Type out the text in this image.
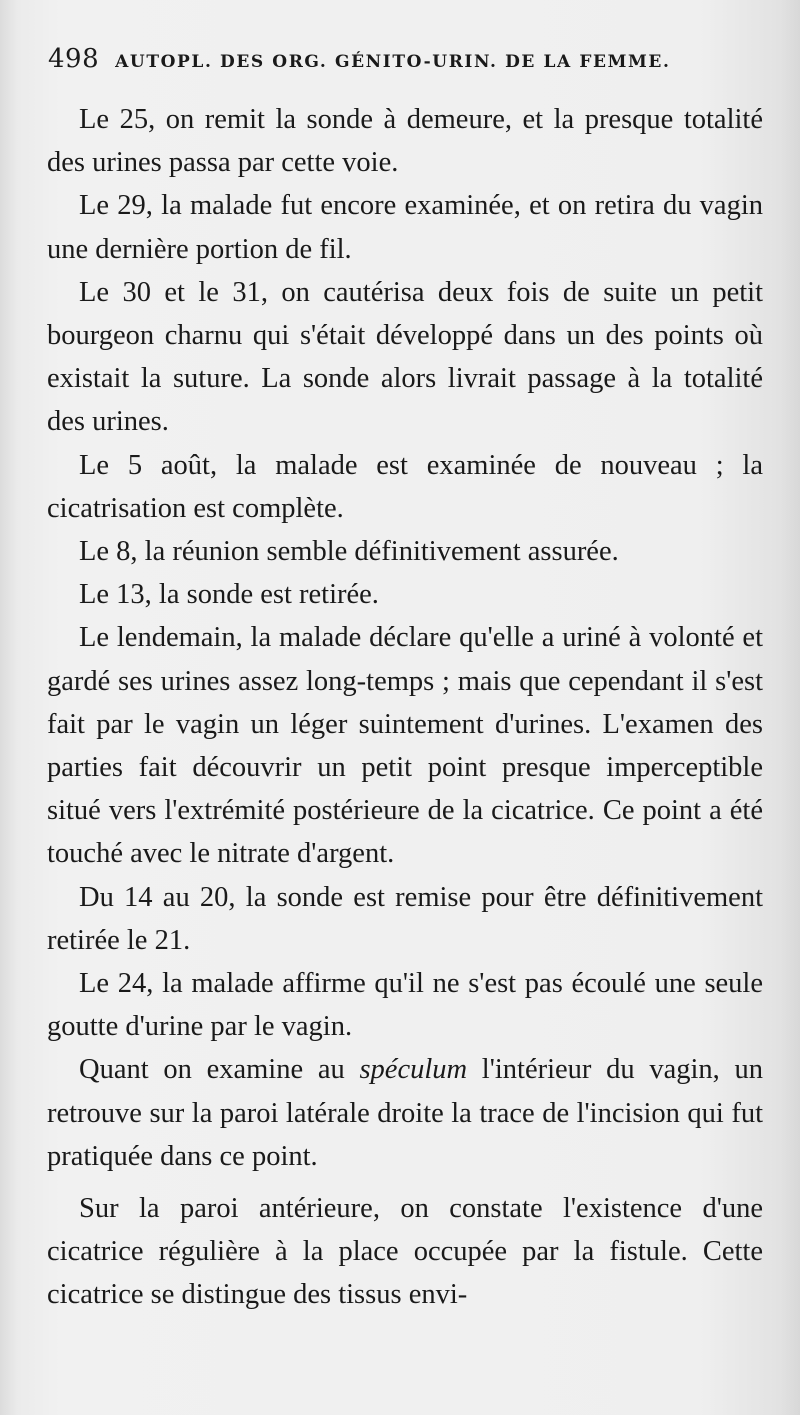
498 AUTOPL. DES ORG. GÉNITO-URIN. DE LA FEMME.

Le 25, on remit la sonde à demeure, et la presque totalité des urines passa par cette voie.

Le 29, la malade fut encore examinée, et on retira du vagin une dernière portion de fil.

Le 30 et le 31, on cautérisa deux fois de suite un petit bourgeon charnu qui s'était développé dans un des points où existait la suture. La sonde alors livrait passage à la totalité des urines.

Le 5 août, la malade est examinée de nouveau ; la cicatrisation est complète.

Le 8, la réunion semble définitivement assurée.

Le 13, la sonde est retirée.

Le lendemain, la malade déclare qu'elle a uriné à volonté et gardé ses urines assez long-temps ; mais que cependant il s'est fait par le vagin un léger suintement d'urines. L'examen des parties fait découvrir un petit point presque imperceptible situé vers l'extrémité postérieure de la cicatrice. Ce point a été touché avec le nitrate d'argent.

Du 14 au 20, la sonde est remise pour être définitivement retirée le 21.

Le 24, la malade affirme qu'il ne s'est pas écoulé une seule goutte d'urine par le vagin.

Quant on examine au spéculum l'intérieur du vagin, un retrouve sur la paroi latérale droite la trace de l'incision qui fut pratiquée dans ce point.

Sur la paroi antérieure, on constate l'existence d'une cicatrice régulière à la place occupée par la fistule. Cette cicatrice se distingue des tissus envi-
